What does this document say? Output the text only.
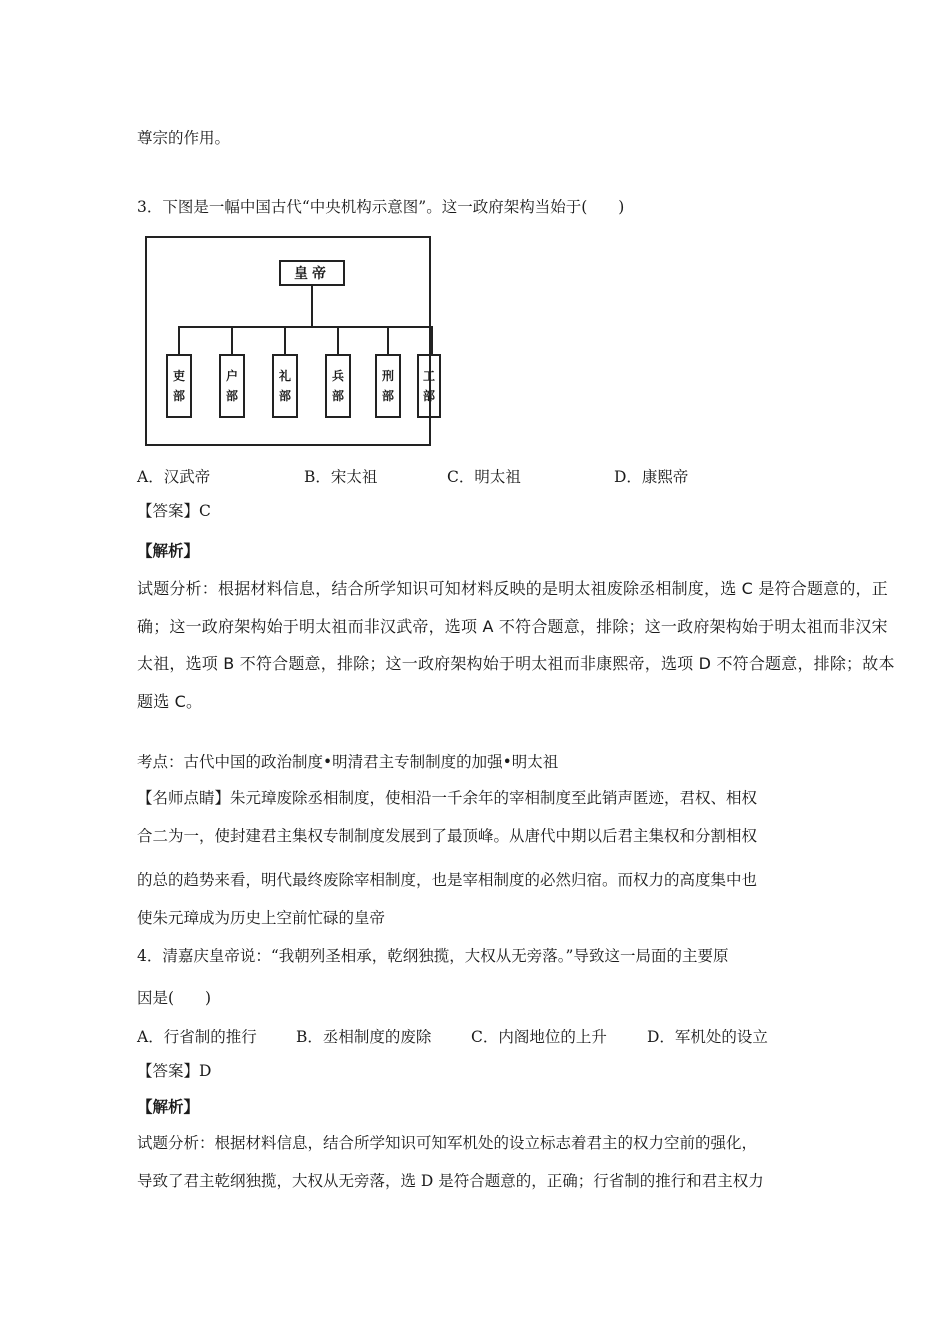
尊宗的作用。
3．下图是一幅中国古代“中央机构示意图”。这一政府架构当始于(　　)
皇帝
吏
部
户
部
礼
部
兵
部
刑
部
工
部
A．汉武帝	B．宋太祖	C．明太祖	D．康熙帝
【答案】C
【解析】
试题分析：根据材料信息，结合所学知识可知材料反映的是明太祖废除丞相制度，选 C 是符合题意的，正
确；这一政府架构始于明太祖而非汉武帝，选项 A 不符合题意，排除；这一政府架构始于明太祖而非汉宋
太祖，选项 B 不符合题意，排除；这一政府架构始于明太祖而非康熙帝，选项 D 不符合题意，排除；故本
题选 C。
考点：古代中国的政治制度•明清君主专制制度的加强•明太祖
【名师点睛】朱元璋废除丞相制度，使相沿一千余年的宰相制度至此销声匿迹，君权、相权
合二为一，使封建君主集权专制制度发展到了最顶峰。从唐代中期以后君主集权和分割相权
的总的趋势来看，明代最终废除宰相制度，也是宰相制度的必然归宿。而权力的高度集中也
使朱元璋成为历史上空前忙碌的皇帝
4．清嘉庆皇帝说：“我朝列圣相承，乾纲独揽，大权从无旁落。”导致这一局面的主要原
因是(　　)
A．行省制的推行	B．丞相制度的废除	C．内阁地位的上升	D．军机处的设立
【答案】D
【解析】
试题分析：根据材料信息，结合所学知识可知军机处的设立标志着君主的权力空前的强化，
导致了君主乾纲独揽，大权从无旁落，选 D 是符合题意的，正确；行省制的推行和君主权力
